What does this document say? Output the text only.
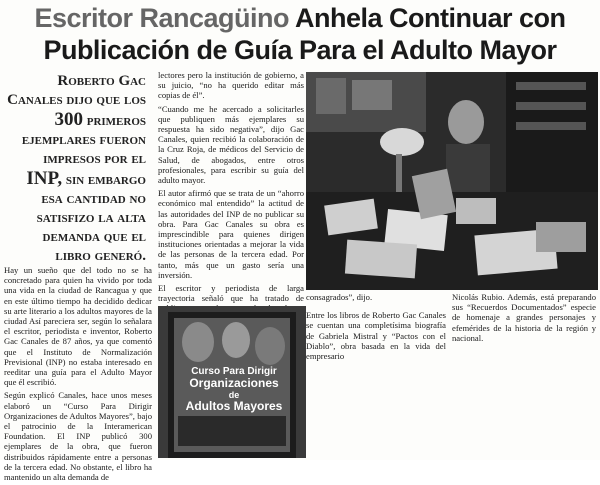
Escritor Rancagüino Anhela Continuar con
Publicación de Guía Para el Adulto Mayor
Roberto Gac Canales dijo que los 300 primeros ejemplares fueron impresos por el INP, sin embargo esa cantidad no satisfizo la alta demanda que el libro generó.

Hay un sueño que del todo no se ha concretado para quien ha vivido por toda una vida en la ciudad de Rancagua y que en este último tiempo ha decidido dedicar su arte literario a los adultos mayores de la ciudad Así pareciera ser, según lo señalara el escritor, periodista e inventor, Roberto Gac Canales de 87 años, ya que comentó que el Instituto de Normalización Previsional (INP) no estaba interesado en reeditar una guía para el Adulto Mayor que él escribió.

Según explicó Canales, hace unos meses elaboró un “Curso Para Dirigir Organizaciones de Adultos Mayores”, bajo el patrocinio de la Interamerican Foundation. El INP publicó 300 ejemplares de la obra, que fueron distribuidos rápidamente entre a personas de la tercera edad. No obstante, el libro ha mantenido un alta demanda de

lectores pero la institución de gobierno, a su juicio, “no ha querido editar más copias de él”.

“Cuando me he acercado a solicitarles que publiquen más ejemplares su respuesta ha sido negativa”, dijo Gac Canales, quien recibió la colaboración de la Cruz Roja, de médicos del Servicio de Salud, de abogados, entre otros profesionales, para escribir su guía del adulto mayor.

El autor afirmó que se trata de un “ahorro económico mal entendido” la actitud de las autoridades del INP de no publicar su obra. Para Gac Canales su obra es imprescindible para quienes dirigen instituciones orientadas a mejorar la vida de las personas de la tercera edad. Por tanto, más que un gasto sería una inversión.

El escritor y periodista de larga trayectoria señaló que ha tratado de

Curso Para Dirigir
Organizaciones
de
Adultos Mayores

consagrados”, dijo.

Entre los libros de Roberto Gac Canales se cuentan una completísima biografía de Gabriela Mistral y “Pactos con el Diablo”, obra basada en la vida del empresario

Nicolás Rubio. Además, está preparando sus “Recuerdos Documentados” especie de homenaje a grandes personajes y efemérides de la historia de la región y nacional.
